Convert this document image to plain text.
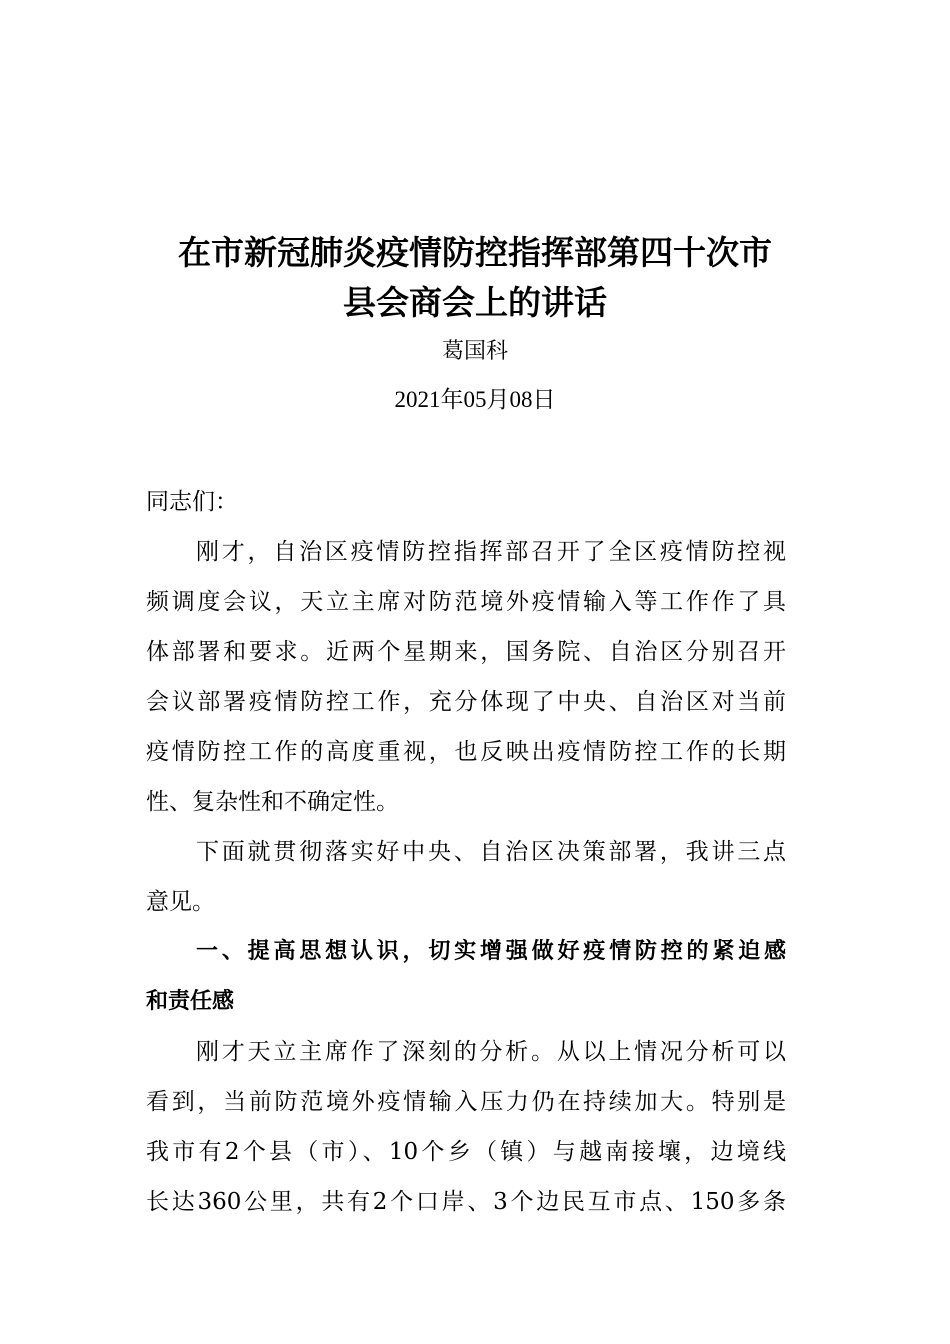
在市新冠肺炎疫情防控指挥部第四十次市
县会商会上的讲话
葛国科
2021年05月08日
同志们：
刚才，自治区疫情防控指挥部召开了全区疫情防控视
频调度会议，天立主席对防范境外疫情输入等工作作了具
体部署和要求。近两个星期来，国务院、自治区分别召开
会议部署疫情防控工作，充分体现了中央、自治区对当前
疫情防控工作的高度重视，也反映出疫情防控工作的长期
性、复杂性和不确定性。
下面就贯彻落实好中央、自治区决策部署，我讲三点
意见。
一、提高思想认识，切实增强做好疫情防控的紧迫感
和责任感
刚才天立主席作了深刻的分析。从以上情况分析可以
看到，当前防范境外疫情输入压力仍在持续加大。特别是
我市有2个县（市）、10个乡（镇）与越南接壤，边境线
长达360公里，共有2个口岸、3个边民互市点、150多条
